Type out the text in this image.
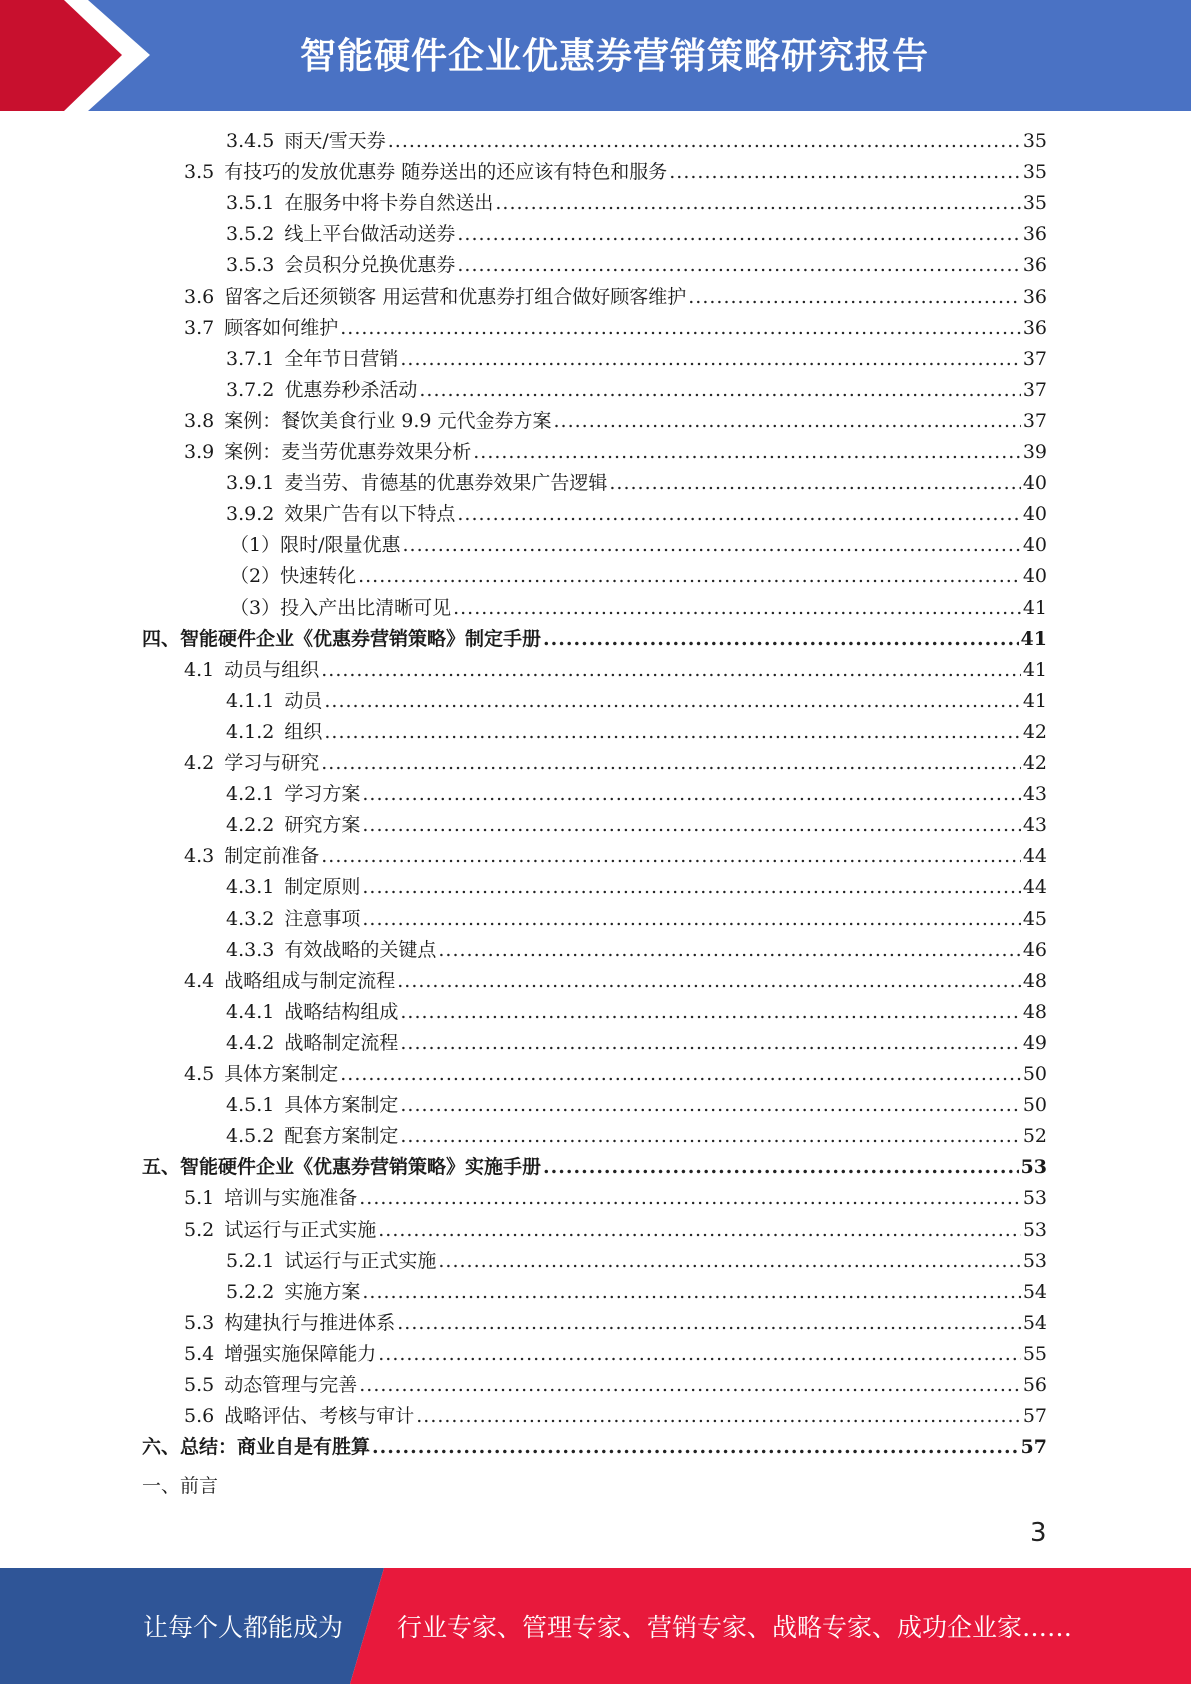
智能硬件企业优惠券营销策略研究报告
3.4.5 雨天/雪天券 .....	35
3.5 有技巧的发放优惠券 随券送出的还应该有特色和服务 .....	35
3.5.1 在服务中将卡券自然送出 .....	35
3.5.2 线上平台做活动送券 .....	36
3.5.3 会员积分兑换优惠券 .....	36
3.6 留客之后还须锁客 用运营和优惠券打组合做好顾客维护 .....	36
3.7 顾客如何维护 .....	36
3.7.1 全年节日营销 .....	37
3.7.2 优惠券秒杀活动 .....	37
3.8 案例：餐饮美食行业 9.9 元代金券方案 .....	37
3.9 案例：麦当劳优惠券效果分析 .....	39
3.9.1 麦当劳、肯德基的优惠券效果广告逻辑 .....	40
3.9.2 效果广告有以下特点 .....	40
（1）限时/限量优惠 .....	40
（2）快速转化 .....	40
（3）投入产出比清晰可见 .....	41
四、智能硬件企业《优惠券营销策略》制定手册 .....	41
4.1 动员与组织 .....	41
4.1.1 动员 .....	41
4.1.2 组织 .....	42
4.2 学习与研究 .....	42
4.2.1 学习方案 .....	43
4.2.2 研究方案 .....	43
4.3 制定前准备 .....	44
4.3.1 制定原则 .....	44
4.3.2 注意事项 .....	45
4.3.3 有效战略的关键点 .....	46
4.4 战略组成与制定流程 .....	48
4.4.1 战略结构组成 .....	48
4.4.2 战略制定流程 .....	49
4.5 具体方案制定 .....	50
4.5.1 具体方案制定 .....	50
4.5.2 配套方案制定 .....	52
五、智能硬件企业《优惠券营销策略》实施手册 .....	53
5.1 培训与实施准备 .....	53
5.2 试运行与正式实施 .....	53
5.2.1 试运行与正式实施 .....	53
5.2.2 实施方案 .....	54
5.3 构建执行与推进体系 .....	54
5.4 增强实施保障能力 .....	55
5.5 动态管理与完善 .....	56
5.6 战略评估、考核与审计 .....	57
六、总结：商业自是有胜算 .....	57
一、前言
3
让每个人都能成为 行业专家、管理专家、营销专家、战略专家、成功企业家……
